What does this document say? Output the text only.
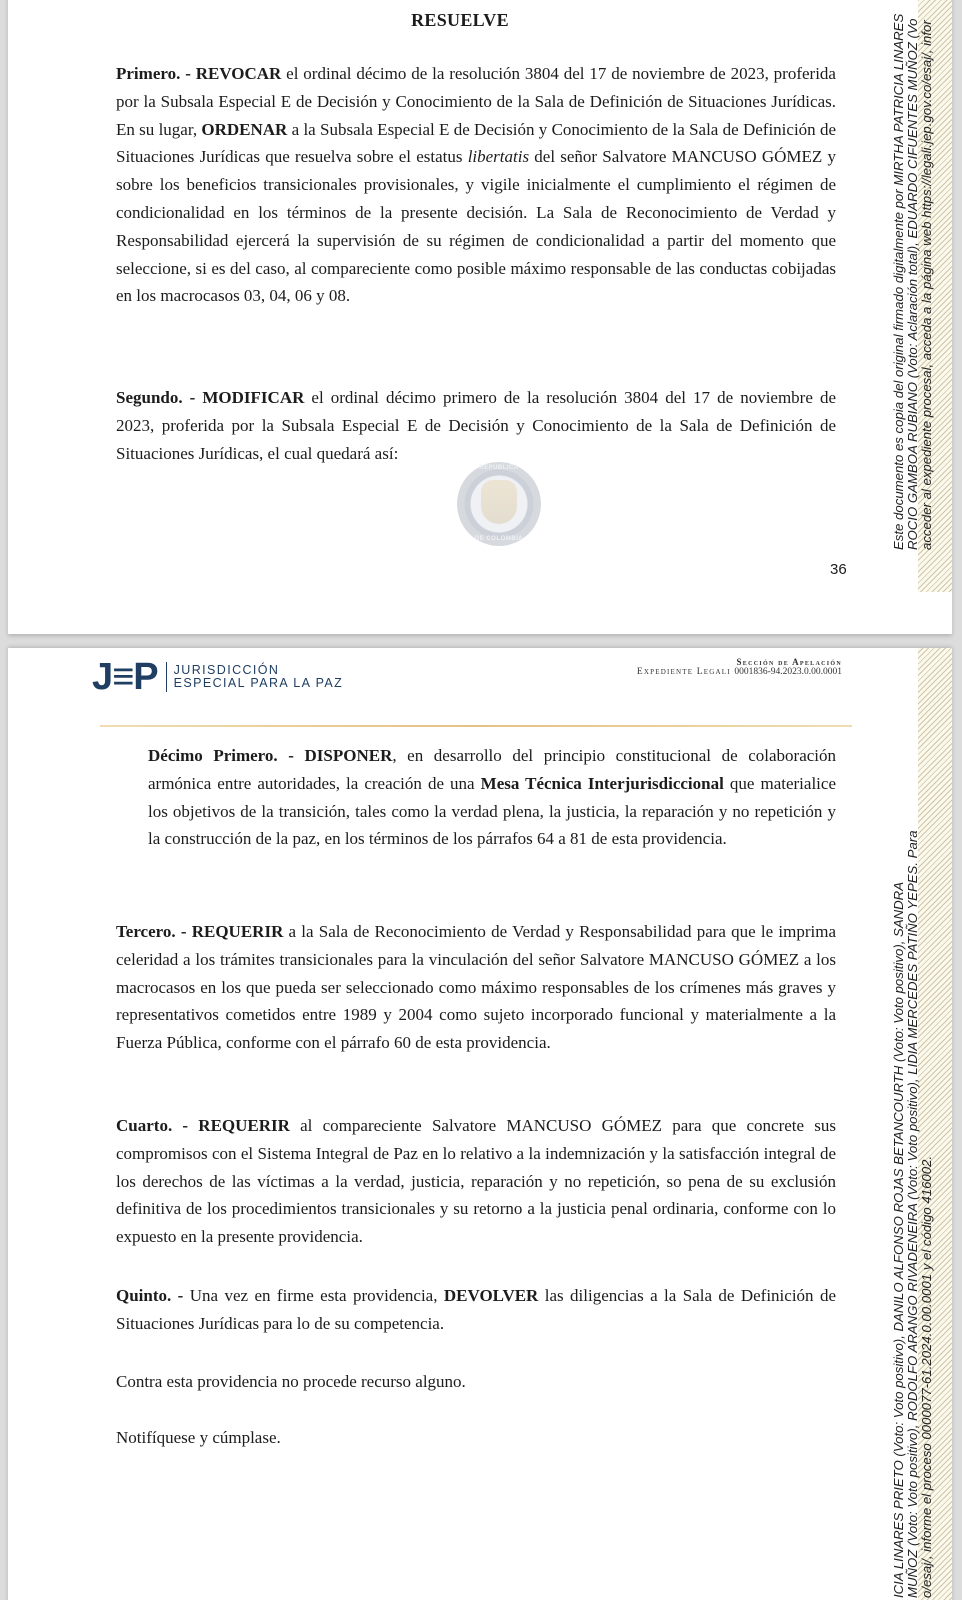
RESUELVE

Primero. - REVOCAR el ordinal décimo de la resolución 3804 del 17 de noviembre de 2023, proferida por la Subsala Especial E de Decisión y Conocimiento de la Sala de Definición de Situaciones Jurídicas. En su lugar, ORDENAR a la Subsala Especial E de Decisión y Conocimiento de la Sala de Definición de Situaciones Jurídicas que resuelva sobre el estatus libertatis del señor Salvatore MANCUSO GÓMEZ y sobre los beneficios transicionales provisionales, y vigile inicialmente el cumplimiento el régimen de condicionalidad en los términos de la presente decisión. La Sala de Reconocimiento de Verdad y Responsabilidad ejercerá la supervisión de su régimen de condicionalidad a partir del momento que seleccione, si es del caso, al compareciente como posible máximo responsable de las conductas cobijadas en los macrocasos 03, 04, 06 y 08.

Segundo. - MODIFICAR el ordinal décimo primero de la resolución 3804 del 17 de noviembre de 2023, proferida por la Subsala Especial E de Decisión y Conocimiento de la Sala de Definición de Situaciones Jurídicas, el cual quedará así:

REPUBLICA
DE COLOMBIA
36
Este documento es copia del original firmado digitalmente por MIRTHA PATRICIA LINARES ROCIO GAMBOA RUBIANO (Voto: Aclaración total), EDUARDO CIFUENTES MUÑOZ (Vo acceder al expediente procesal, acceda a la página web https://legali.jep.gov.co/esaj/, infor
J≡P JURISDICCIÓN
ESPECIAL PARA LA PAZ
Sección de Apelación
Expediente Legali 0001836-94.2023.0.00.0001

Décimo Primero. - DISPONER, en desarrollo del principio constitucional de colaboración armónica entre autoridades, la creación de una Mesa Técnica Interjurisdiccional que materialice los objetivos de la transición, tales como la verdad plena, la justicia, la reparación y no repetición y la construcción de la paz, en los términos de los párrafos 64 a 81 de esta providencia.

Tercero. - REQUERIR a la Sala de Reconocimiento de Verdad y Responsabilidad para que le imprima celeridad a los trámites transicionales para la vinculación del señor Salvatore MANCUSO GÓMEZ a los macrocasos en los que pueda ser seleccionado como máximo responsables de los crímenes más graves y representativos cometidos entre 1989 y 2004 como sujeto incorporado funcional y materialmente a la Fuerza Pública, conforme con el párrafo 60 de esta providencia.

Cuarto. - REQUERIR al compareciente Salvatore MANCUSO GÓMEZ para que concrete sus compromisos con el Sistema Integral de Paz en lo relativo a la indemnización y la satisfacción integral de los derechos de las víctimas a la verdad, justicia, reparación y no repetición, so pena de su exclusión definitiva de los procedimientos transicionales y su retorno a la justicia penal ordinaria, conforme con lo expuesto en la presente providencia.

Quinto. - Una vez en firme esta providencia, DEVOLVER las diligencias a la Sala de Definición de Situaciones Jurídicas para lo de su competencia.

Contra esta providencia no procede recurso alguno.

Notifíquese y cúmplase.	ICIA LINARES PRIETO (Voto: Voto positivo), DANILO ALFONSO ROJAS BETANCOURTH (Voto: Voto positivo), SANDRA MUÑOZ (Voto: Voto positivo), RODOLFO ARANGO RIVADENEIRA (Voto: Voto positivo), LIDIA MERCEDES PATIÑO YEPES. Para o/esaj/, informe el proceso 0000077-61.2024.0.00.0001 y el código 416002.
